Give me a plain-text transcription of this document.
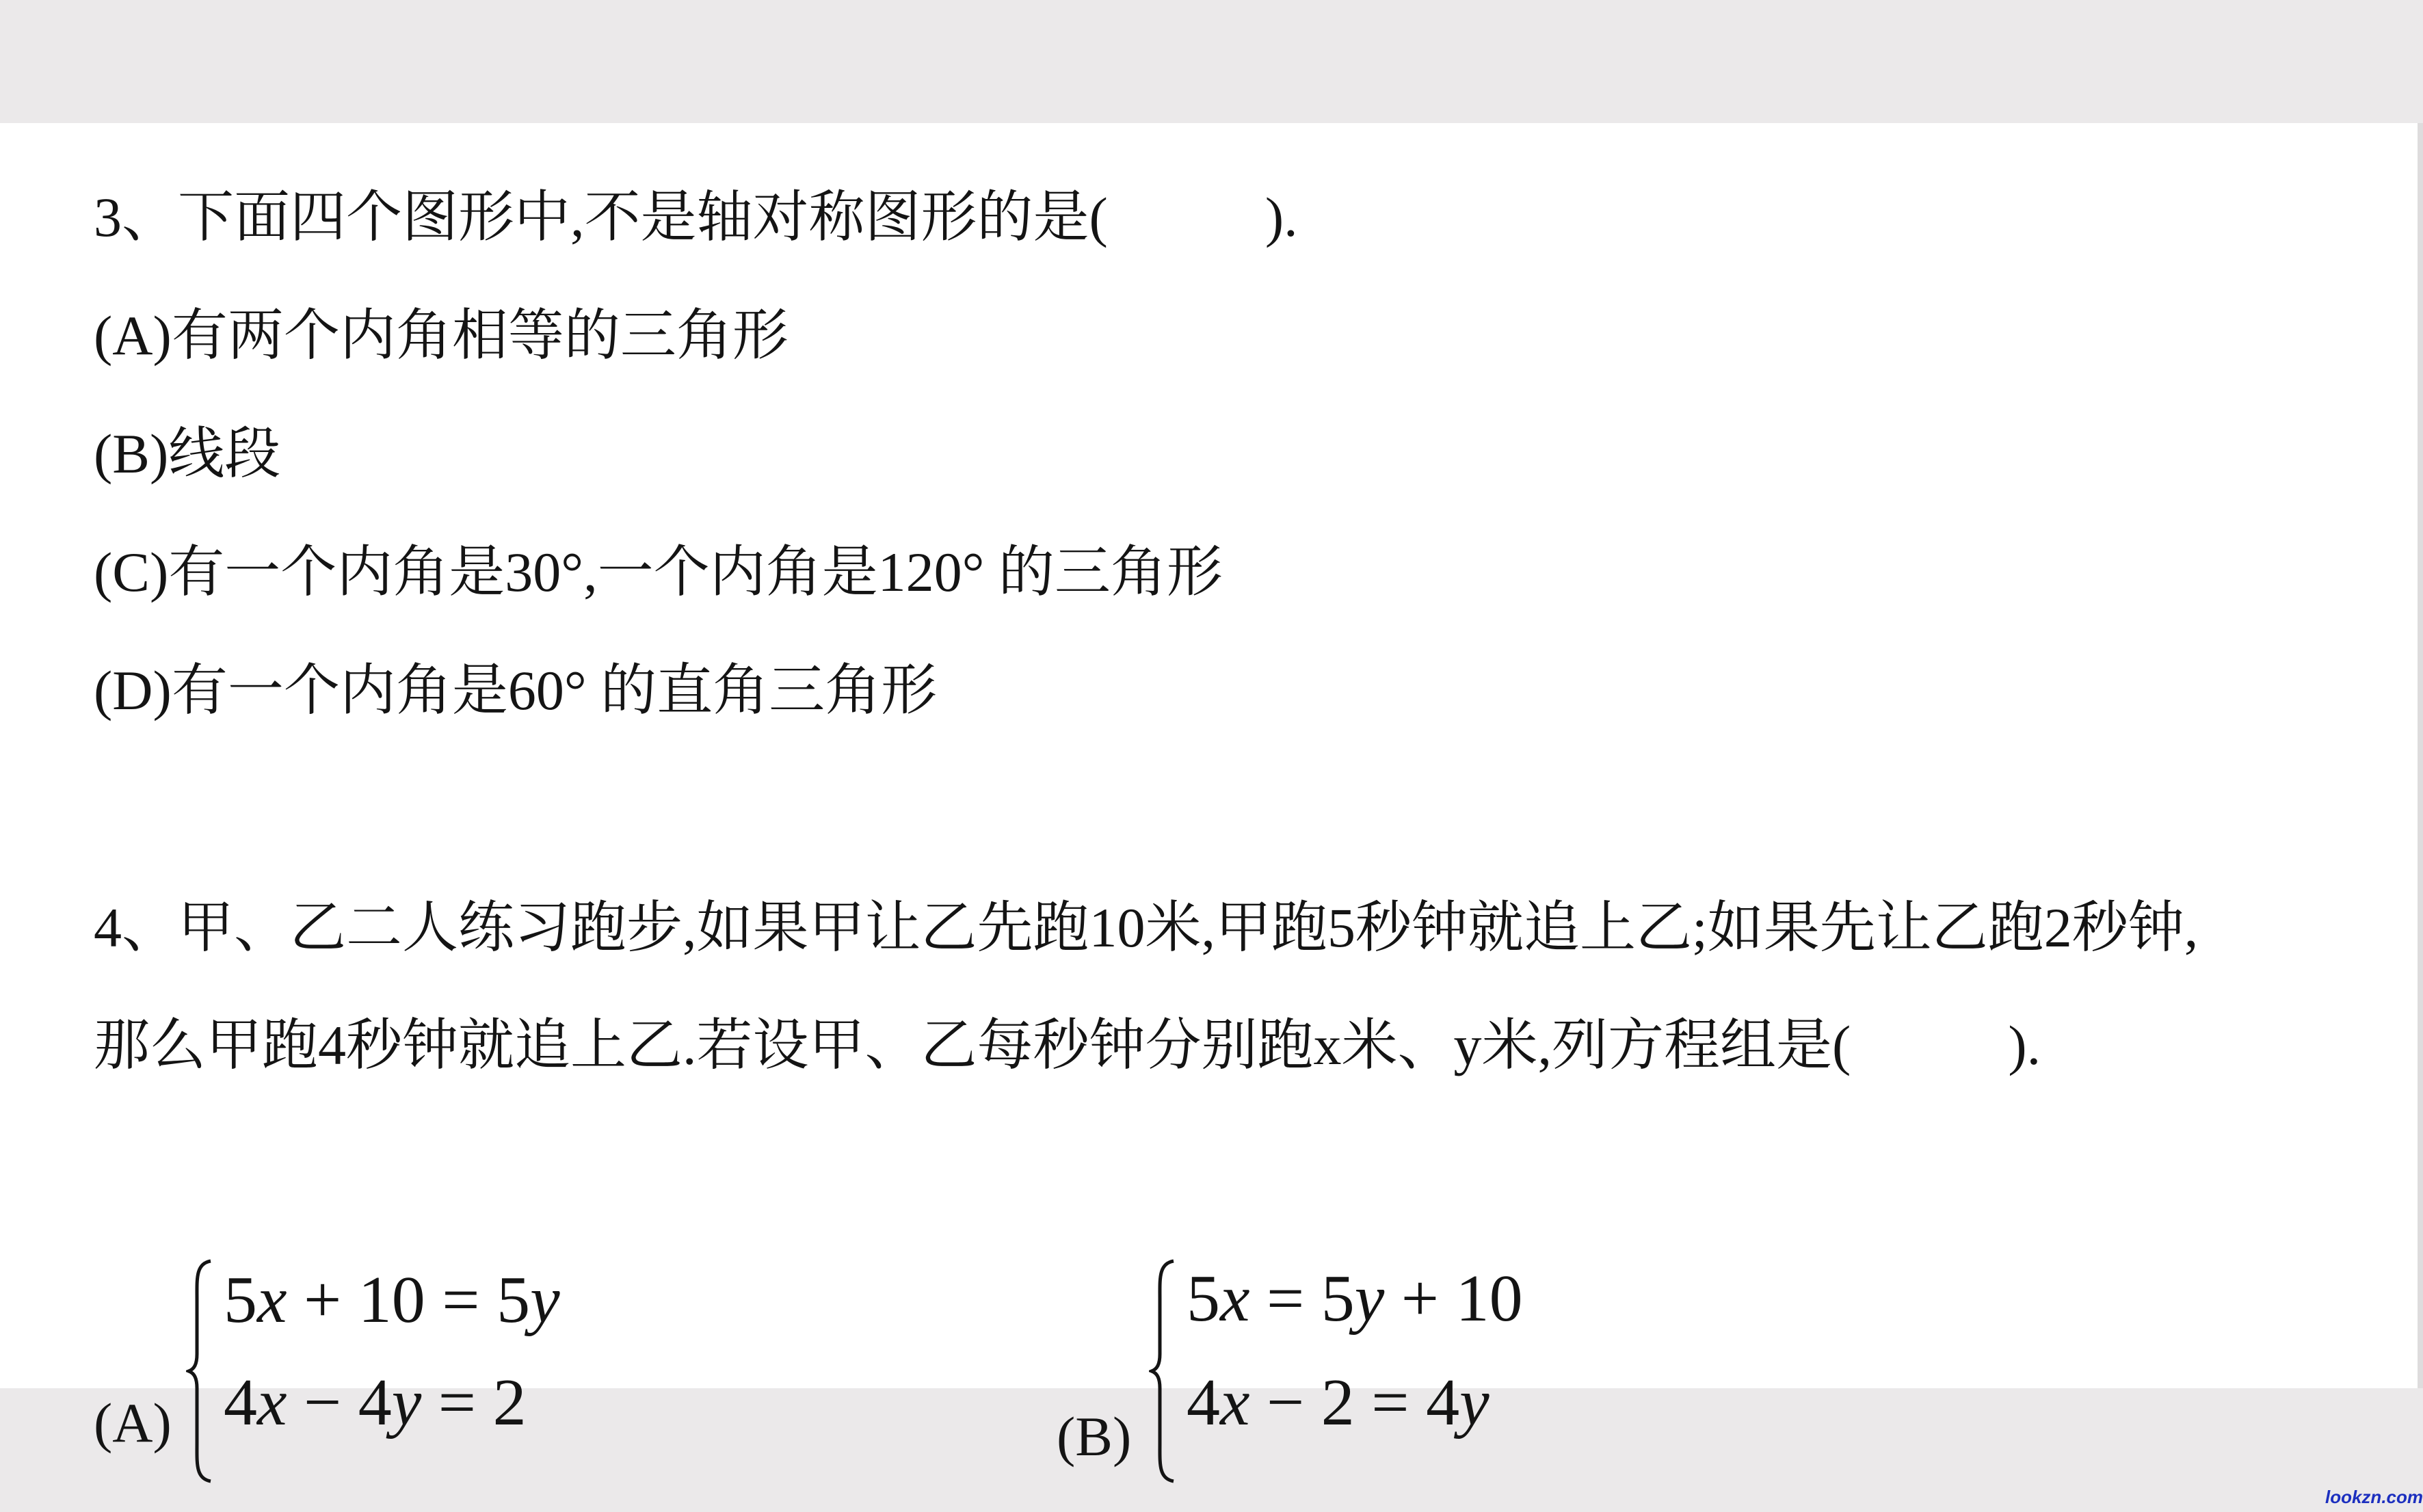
3、下面四个图形中,不是轴对称图形的是(	).
(A)有两个内角相等的三角形
(B)线段
(C)有一个内角是30°,一个内角是120° 的三角形
(D)有一个内角是60° 的直角三角形
4、甲、乙二人练习跑步,如果甲让乙先跑10米,甲跑5秒钟就追上乙;如果先让乙跑2秒钟,
那么甲跑4秒钟就追上乙.若设甲、乙每秒钟分别跑x米、y米,列方程组是(	).
(A)
5x + 10 = 5y
4x − 4y = 2	(B)
5x = 5y + 10
4x − 2 = 4y
lookzn.com
